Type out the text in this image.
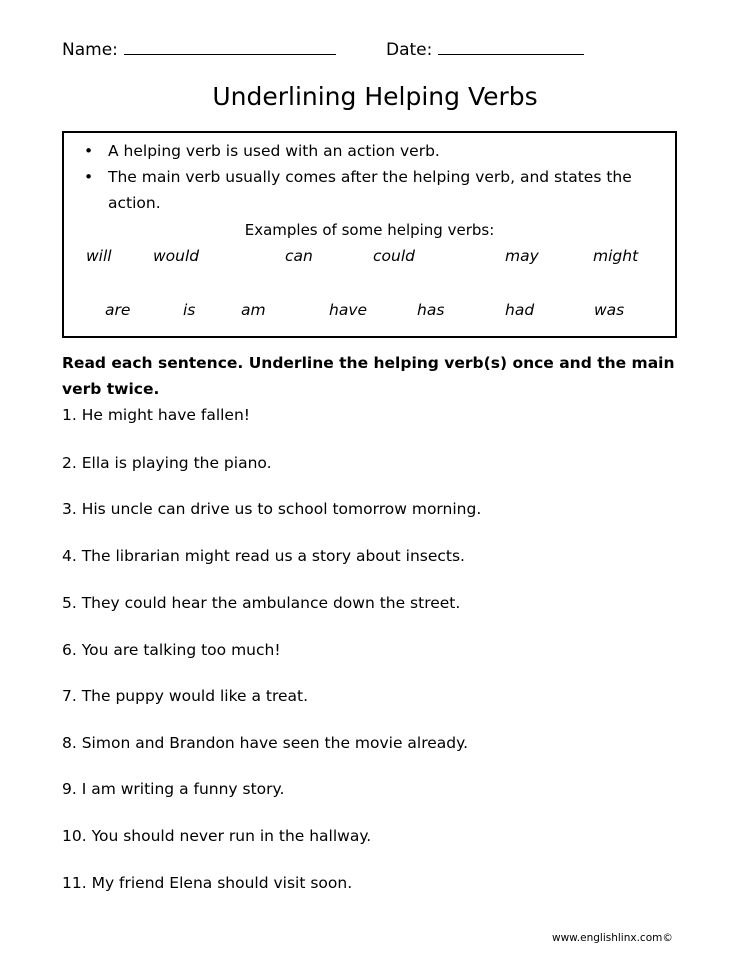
Name:	Date:
Underlining Helping Verbs
• A helping verb is used with an action verb.
• The main verb usually comes after the helping verb, and states the action.
Examples of some helping verbs:
will	would	can	could	may	might
are	is	am	have	has	had	was
Read each sentence. Underline the helping verb(s) once and the main verb twice.
1. He might have fallen!
2. Ella is playing the piano.
3. His uncle can drive us to school tomorrow morning.
4. The librarian might read us a story about insects.
5. They could hear the ambulance down the street.
6. You are talking too much!
7. The puppy would like a treat.
8. Simon and Brandon have seen the movie already.
9. I am writing a funny story.
10. You should never run in the hallway.
11. My friend Elena should visit soon.
www.englishlinx.com©
